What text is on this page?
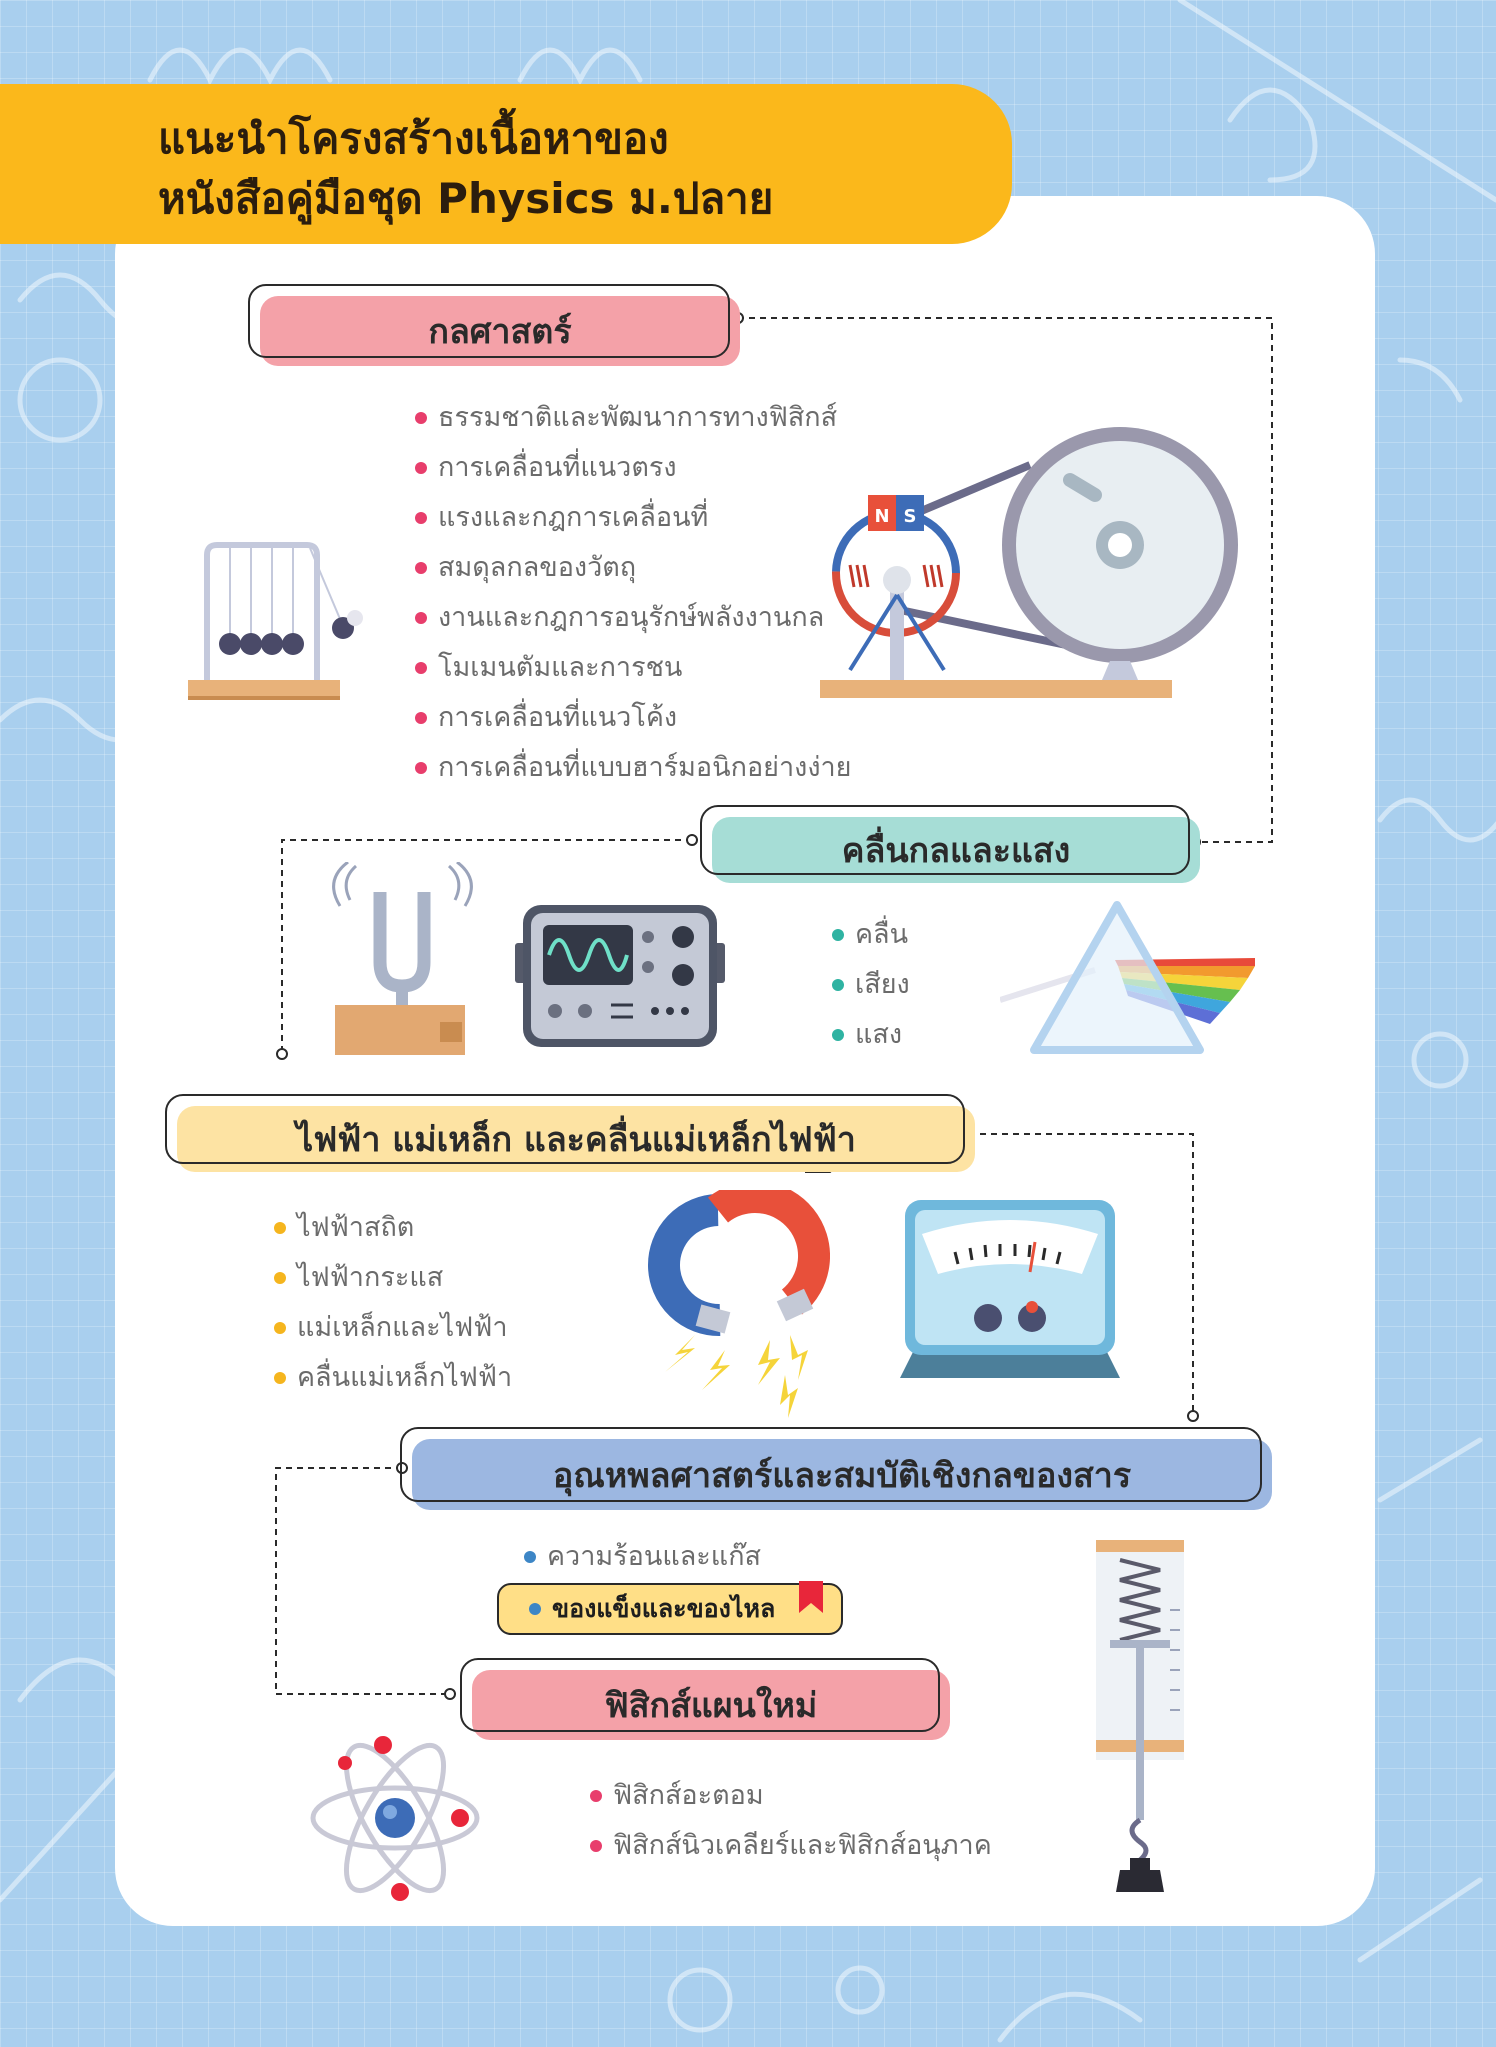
แนะนำโครงสร้างเนื้อหาของ
หนังสือคู่มือชุด Physics ม.ปลาย
กลศาสตร์
ธรรมชาติและพัฒนาการทางฟิสิกส์
การเคลื่อนที่แนวตรง
แรงและกฎการเคลื่อนที่
สมดุลกลของวัตถุ
งานและกฎการอนุรักษ์พลังงานกล
โมเมนตัมและการชน
การเคลื่อนที่แนวโค้ง
การเคลื่อนที่แบบฮาร์มอนิกอย่างง่าย
N S
คลื่นกลและแสง
คลื่น
เสียง
แสง
ไฟฟ้า แม่เหล็ก และคลื่นแม่เหล็กไฟฟ้า
ไฟฟ้าสถิต
ไฟฟ้ากระแส
แม่เหล็กและไฟฟ้า
คลื่นแม่เหล็กไฟฟ้า
อุณหพลศาสตร์และสมบัติเชิงกลของสาร
ความร้อนและแก๊ส
ของแข็งและของไหล
ฟิสิกส์แผนใหม่
ฟิสิกส์อะตอม
ฟิสิกส์นิวเคลียร์และฟิสิกส์อนุภาค
